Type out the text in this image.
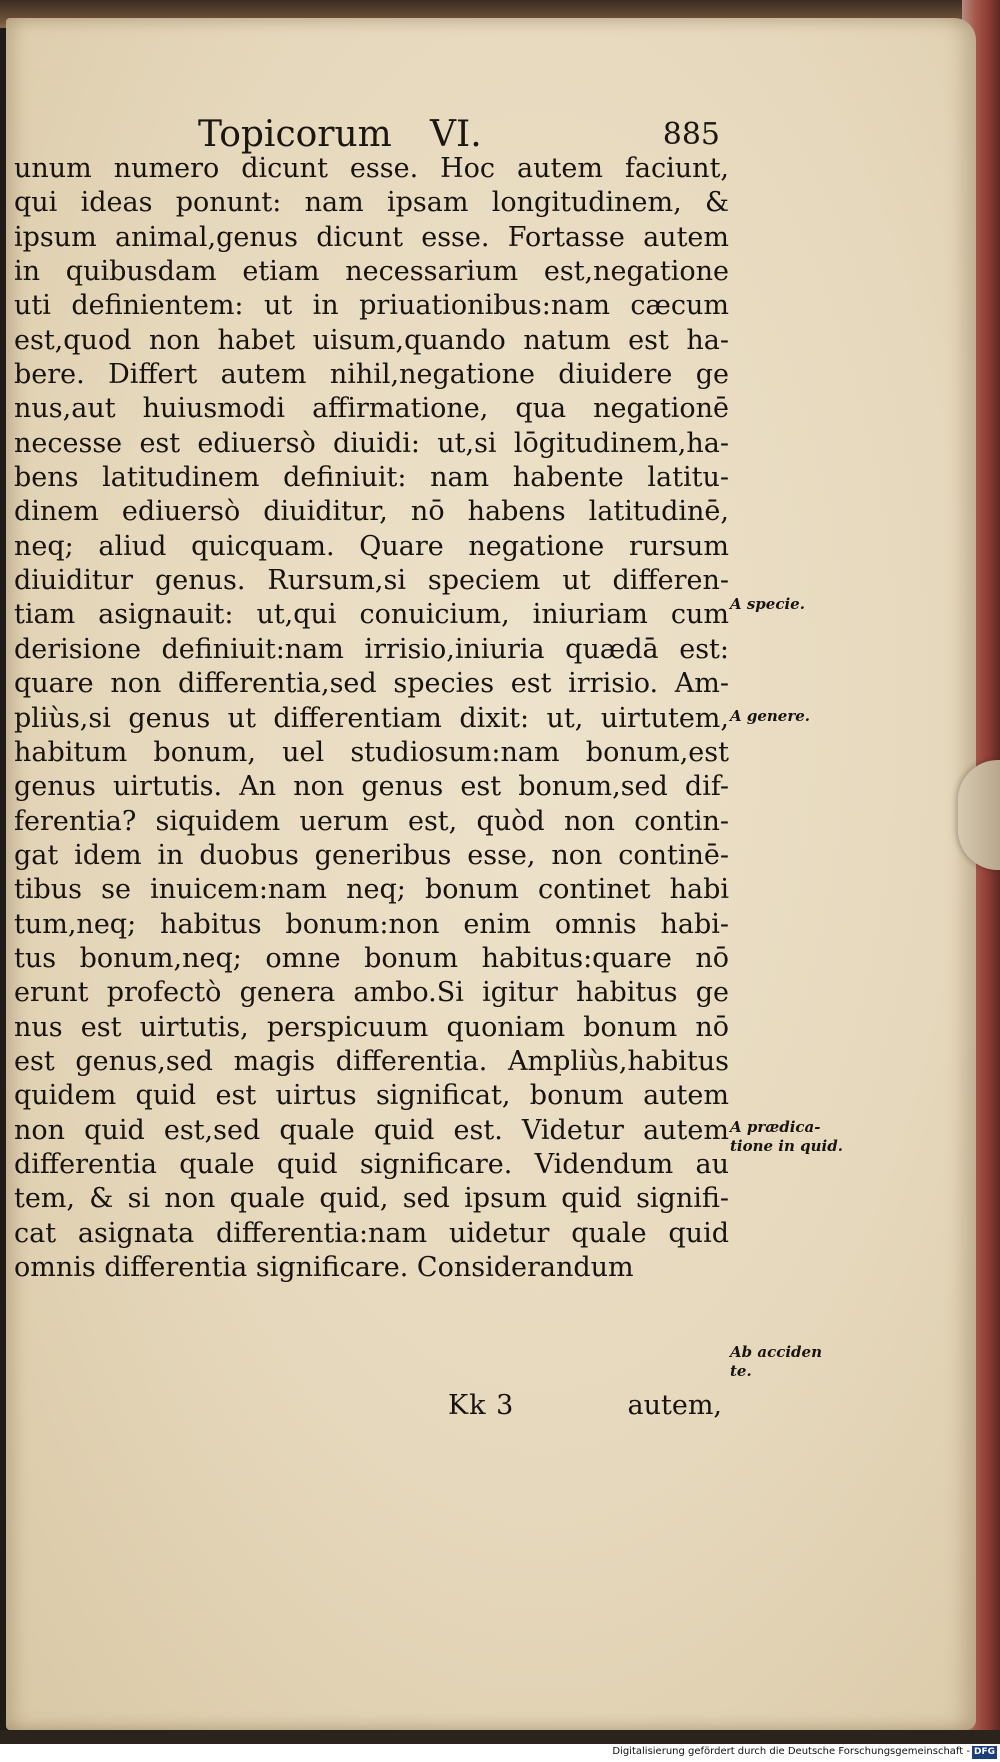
Topicorum VI.	885
unum numero dicunt esse. Hoc autem faciunt,
qui ideas ponunt: nam ipsam longitudinem, &
ipsum animal,genus dicunt esse. Fortasse autem
in quibusdam etiam necessarium est,negatione
uti definientem: ut in priuationibus:nam cæcum
est,quod non habet uisum,quando natum est ha-
bere. Differt autem nihil,negatione diuidere ge
nus,aut huiusmodi affirmatione, qua negationē
necesse est ediuersò diuidi: ut,si lōgitudinem,ha-
bens latitudinem definiuit: nam habente latitu-
dinem ediuersò diuiditur, nō habens latitudinē,
neq; aliud quicquam. Quare negatione rursum
diuiditur genus. Rursum,si speciem ut differen-
tiam asignauit: ut,qui conuicium, iniuriam cum
derisione definiuit:nam irrisio,iniuria quædā est:
quare non differentia,sed species est irrisio. Am-
pliùs,si genus ut differentiam dixit: ut, uirtutem,
habitum bonum, uel studiosum:nam bonum,est
genus uirtutis. An non genus est bonum,sed dif-
ferentia? siquidem uerum est, quòd non contin-
gat idem in duobus generibus esse, non continē-
tibus se inuicem:nam neq; bonum continet habi
tum,neq; habitus bonum:non enim omnis habi-
tus bonum,neq; omne bonum habitus:quare nō
erunt profectò genera ambo.Si igitur habitus ge
nus est uirtutis, perspicuum quoniam bonum nō
est genus,sed magis differentia. Ampliùs,habitus
quidem quid est uirtus significat, bonum autem
non quid est,sed quale quid est. Videtur autem
differentia quale quid significare. Videndum au
tem, & si non quale quid, sed ipsum quid signifi-
cat asignata differentia:nam uidetur quale quid
omnis differentia significare. Considerandum
Kk 3	autem,
A specie.
A genere.
A prædica-
tione in quid.
Ab acciden
te.
Digitalisierung gefördert durch die Deutsche Forschungsgemeinschaft - DFG
